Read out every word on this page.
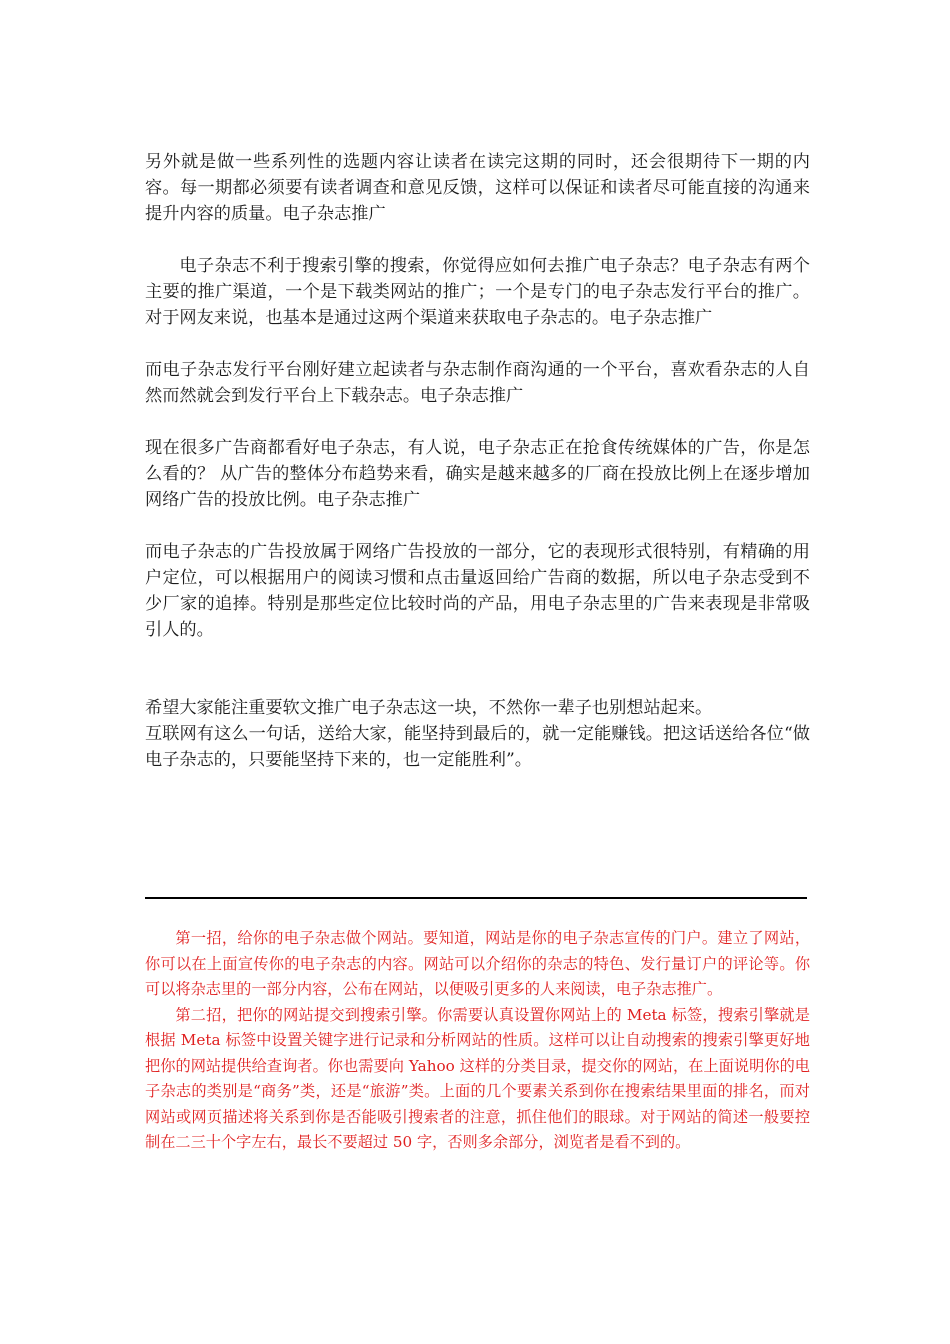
另外就是做一些系列性的选题内容让读者在读完这期的同时，还会很期待下一期的内容。每一期都必须要有读者调查和意见反馈，这样可以保证和读者尽可能直接的沟通来提升内容的质量。电子杂志推广

电子杂志不利于搜索引擎的搜索，你觉得应如何去推广电子杂志？电子杂志有两个主要的推广渠道，一个是下载类网站的推广；一个是专门的电子杂志发行平台的推广。对于网友来说，也基本是通过这两个渠道来获取电子杂志的。电子杂志推广

而电子杂志发行平台刚好建立起读者与杂志制作商沟通的一个平台，喜欢看杂志的人自然而然就会到发行平台上下载杂志。电子杂志推广

现在很多广告商都看好电子杂志，有人说，电子杂志正在抢食传统媒体的广告，你是怎么看的？ 从广告的整体分布趋势来看，确实是越来越多的厂商在投放比例上在逐步增加网络广告的投放比例。电子杂志推广

而电子杂志的广告投放属于网络广告投放的一部分，它的表现形式很特别，有精确的用户定位，可以根据用户的阅读习惯和点击量返回给广告商的数据，所以电子杂志受到不少厂家的追捧。特别是那些定位比较时尚的产品，用电子杂志里的广告来表现是非常吸引人的。

希望大家能注重要软文推广电子杂志这一块，不然你一辈子也别想站起来。

互联网有这么一句话，送给大家，能坚持到最后的，就一定能赚钱。把这话送给各位“做电子杂志的，只要能坚持下来的，也一定能胜利”。

第一招，给你的电子杂志做个网站。要知道，网站是你的电子杂志宣传的门户。建立了网站，你可以在上面宣传你的电子杂志的内容。网站可以介绍你的杂志的特色、发行量订户的评论等。你可以将杂志里的一部分内容，公布在网站，以便吸引更多的人来阅读，电子杂志推广。

第二招，把你的网站提交到搜索引擎。你需要认真设置你网站上的 Meta 标签，搜索引擎就是根据 Meta 标签中设置关键字进行记录和分析网站的性质。这样可以让自动搜索的搜索引擎更好地把你的网站提供给查询者。你也需要向 Yahoo 这样的分类目录，提交你的网站，在上面说明你的电子杂志的类别是“商务”类，还是“旅游”类。上面的几个要素关系到你在搜索结果里面的排名，而对网站或网页描述将关系到你是否能吸引搜索者的注意，抓住他们的眼球。对于网站的简述一般要控制在二三十个字左右，最长不要超过 50 字，否则多余部分，浏览者是看不到的。
